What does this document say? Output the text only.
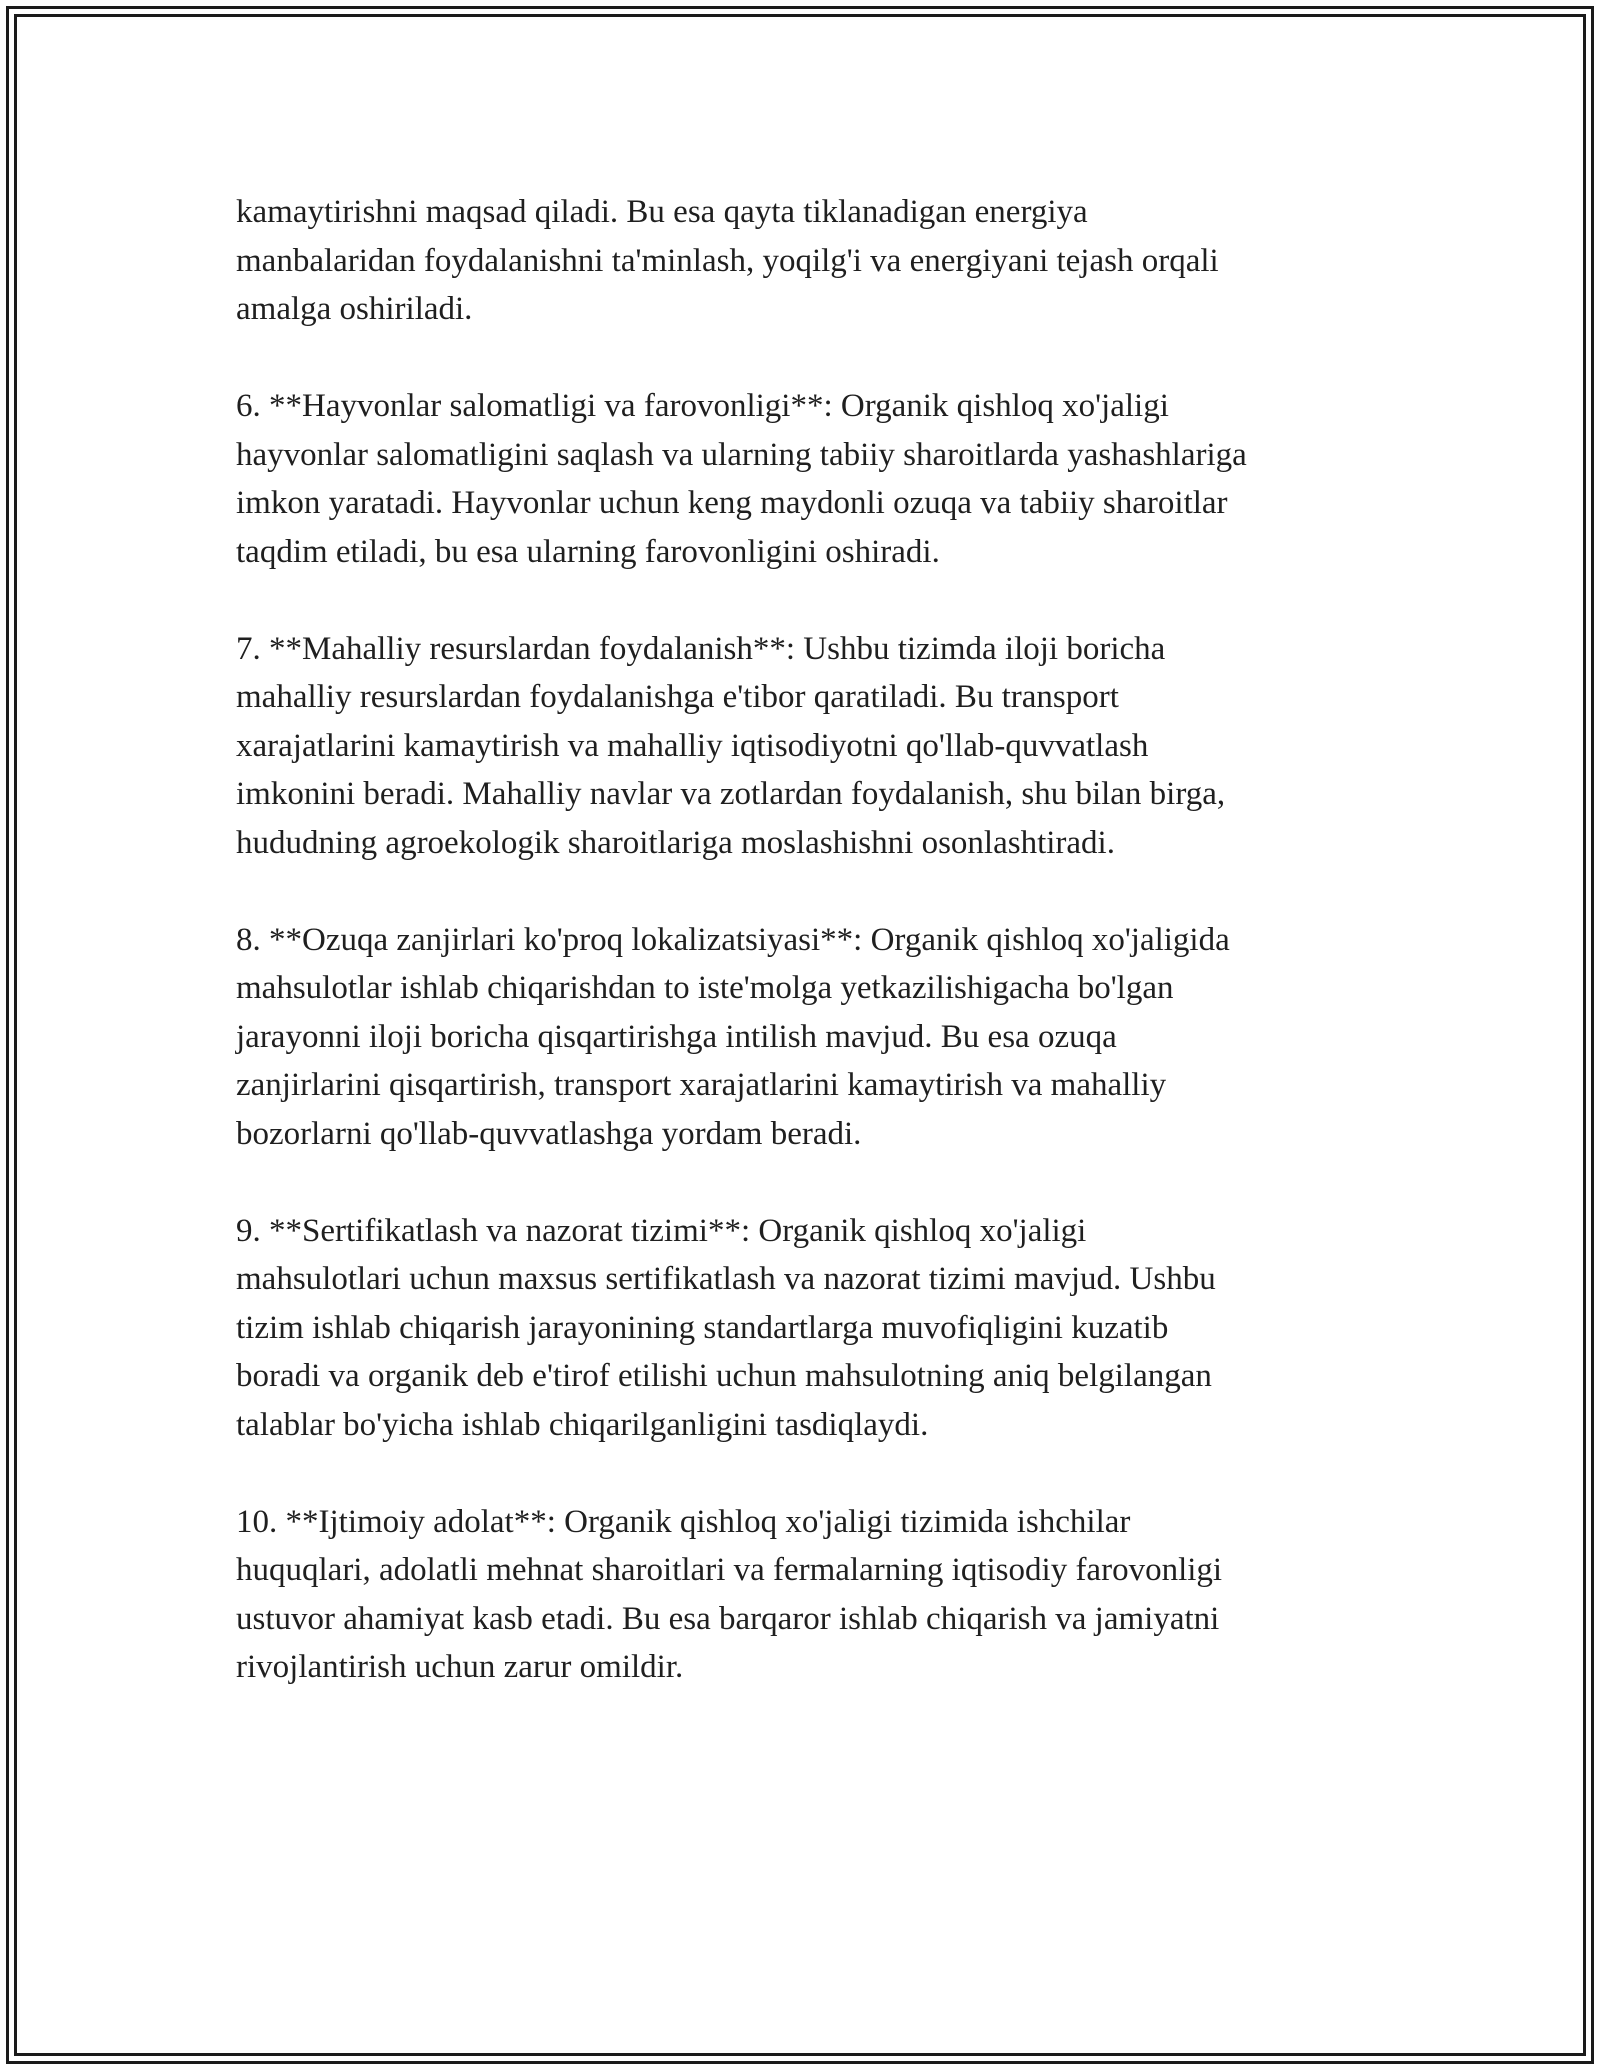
kamaytirishni maqsad qiladi. Bu esa qayta tiklanadigan energiya
manbalaridan foydalanishni ta'minlash, yoqilg'i va energiyani tejash orqali
amalga oshiriladi.

6. **Hayvonlar salomatligi va farovonligi**: Organik qishloq xo'jaligi
hayvonlar salomatligini saqlash va ularning tabiiy sharoitlarda yashashlariga
imkon yaratadi. Hayvonlar uchun keng maydonli ozuqa va tabiiy sharoitlar
taqdim etiladi, bu esa ularning farovonligini oshiradi.

7. **Mahalliy resurslardan foydalanish**: Ushbu tizimda iloji boricha
mahalliy resurslardan foydalanishga e'tibor qaratiladi. Bu transport
xarajatlarini kamaytirish va mahalliy iqtisodiyotni qo'llab-quvvatlash
imkonini beradi. Mahalliy navlar va zotlardan foydalanish, shu bilan birga,
hududning agroekologik sharoitlariga moslashishni osonlashtiradi.

8. **Ozuqa zanjirlari ko'proq lokalizatsiyasi**: Organik qishloq xo'jaligida
mahsulotlar ishlab chiqarishdan to iste'molga yetkazilishigacha bo'lgan
jarayonni iloji boricha qisqartirishga intilish mavjud. Bu esa ozuqa
zanjirlarini qisqartirish, transport xarajatlarini kamaytirish va mahalliy
bozorlarni qo'llab-quvvatlashga yordam beradi.

9. **Sertifikatlash va nazorat tizimi**: Organik qishloq xo'jaligi
mahsulotlari uchun maxsus sertifikatlash va nazorat tizimi mavjud. Ushbu
tizim ishlab chiqarish jarayonining standartlarga muvofiqligini kuzatib
boradi va organik deb e'tirof etilishi uchun mahsulotning aniq belgilangan
talablar bo'yicha ishlab chiqarilganligini tasdiqlaydi.

10. **Ijtimoiy adolat**: Organik qishloq xo'jaligi tizimida ishchilar
huquqlari, adolatli mehnat sharoitlari va fermalarning iqtisodiy farovonligi
ustuvor ahamiyat kasb etadi. Bu esa barqaror ishlab chiqarish va jamiyatni
rivojlantirish uchun zarur omildir.
